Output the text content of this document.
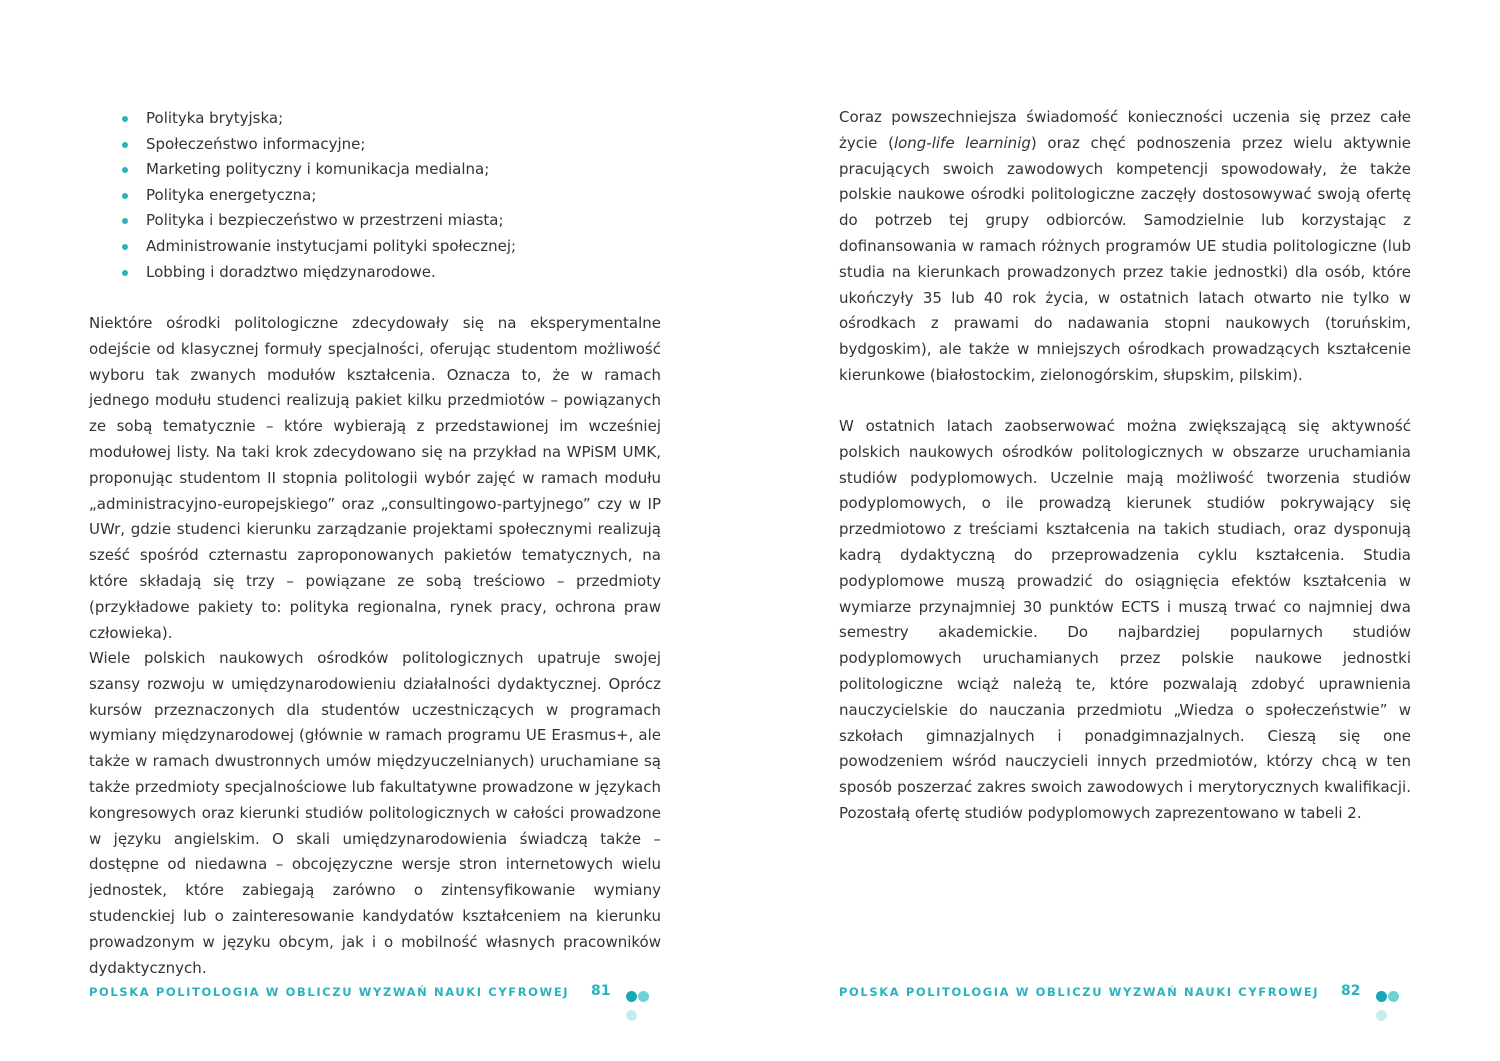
Polityka brytyjska;
Społeczeństwo informacyjne;
Marketing polityczny i komunikacja medialna;
Polityka energetyczna;
Polityka i bezpieczeństwo w przestrzeni miasta;
Administrowanie instytucjami polityki społecznej;
Lobbing i doradztwo międzynarodowe.

Niektóre ośrodki politologiczne zdecydowały się na eksperymentalne odejście od klasycznej formuły specjalności, oferując studentom możliwość wyboru tak zwanych modułów kształcenia. Oznacza to, że w ramach jednego modułu studenci realizują pakiet kilku przedmiotów – powiązanych ze sobą tematycznie – które wybierają z przedstawionej im wcześniej modułowej listy. Na taki krok zdecydowano się na przykład na WPiSM UMK, proponując studentom II stopnia politologii wybór zajęć w ramach modułu „administracyjno-europejskiego” oraz „consultingowo-partyjnego” czy w IP UWr, gdzie studenci kierunku zarządzanie projektami społecznymi realizują sześć spośród czternastu zaproponowanych pakietów tematycznych, na które składają się trzy – powiązane ze sobą treściowo – przedmioty (przykładowe pakiety to: polityka regionalna, rynek pracy, ochrona praw człowieka).

Wiele polskich naukowych ośrodków politologicznych upatruje swojej szansy rozwoju w umiędzynarodowieniu działalności dydaktycznej. Oprócz kursów przeznaczonych dla studentów uczestniczących w programach wymiany międzynarodowej (głównie w ramach programu UE Erasmus+, ale także w ramach dwustronnych umów międzyuczelnianych) uruchamiane są także przedmioty specjalnościowe lub fakultatywne prowadzone w językach kongresowych oraz kierunki studiów politologicznych w całości prowadzone w języku angielskim. O skali umiędzynarodowienia świadczą także – dostępne od niedawna – obcojęzyczne wersje stron internetowych wielu jednostek, które zabiegają zarówno o zintensyfikowanie wymiany studenckiej lub o zainteresowanie kandydatów kształceniem na kierunku prowadzonym w języku obcym, jak i o mobilność własnych pracowników dydaktycznych.

POLSKA POLITOLOGIA W OBLICZU WYZWAŃ NAUKI CYFROWEJ 81

Coraz powszechniejsza świadomość konieczności uczenia się przez całe życie (long-life learninig) oraz chęć podnoszenia przez wielu aktywnie pracujących swoich zawodowych kompetencji spowodowały, że także polskie naukowe ośrodki politologiczne zaczęły dostosowywać swoją ofertę do potrzeb tej grupy odbiorców. Samodzielnie lub korzystając z dofinansowania w ramach różnych programów UE studia politologiczne (lub studia na kierunkach prowadzonych przez takie jednostki) dla osób, które ukończyły 35 lub 40 rok życia, w ostatnich latach otwarto nie tylko w ośrodkach z prawami do nadawania stopni naukowych (toruńskim, bydgoskim), ale także w mniejszych ośrodkach prowadzących kształcenie kierunkowe (białostockim, zielonogórskim, słupskim, pilskim).

W ostatnich latach zaobserwować można zwiększającą się aktywność polskich naukowych ośrodków politologicznych w obszarze uruchamiania studiów podyplomowych. Uczelnie mają możliwość tworzenia studiów podyplomowych, o ile prowadzą kierunek studiów pokrywający się przedmiotowo z treściami kształcenia na takich studiach, oraz dysponują kadrą dydaktyczną do przeprowadzenia cyklu kształcenia. Studia podyplomowe muszą prowadzić do osiągnięcia efektów kształcenia w wymiarze przynajmniej 30 punktów ECTS i muszą trwać co najmniej dwa semestry akademickie. Do najbardziej popularnych studiów podyplomowych uruchamianych przez polskie naukowe jednostki politologiczne wciąż należą te, które pozwalają zdobyć uprawnienia nauczycielskie do nauczania przedmiotu „Wiedza o społeczeństwie” w szkołach gimnazjalnych i ponadgimnazjalnych. Cieszą się one powodzeniem wśród nauczycieli innych przedmiotów, którzy chcą w ten sposób poszerzać zakres swoich zawodowych i merytorycznych kwalifikacji. Pozostałą ofertę studiów podyplomowych zaprezentowano w tabeli 2.

POLSKA POLITOLOGIA W OBLICZU WYZWAŃ NAUKI CYFROWEJ 82
